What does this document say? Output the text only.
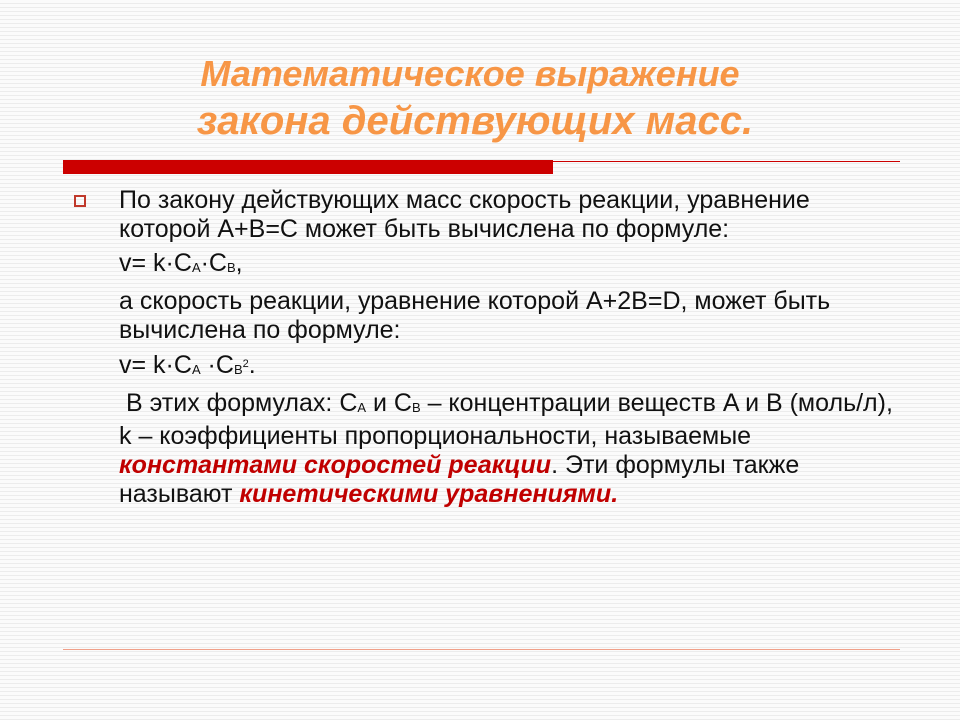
Математическое выражение
закона действующих масс.

По закону действующих масс скорость реакции, уравнение которой A+B=C может быть вычислена по формуле:

$v= k\cdot C_A\cdot C_B$,

а скорость реакции, уравнение которой A+2B=D, может быть вычислена по формуле:

$v= k\cdot C_A \cdot C_B^2$.

В этих формулах: $C_A$ и $C_B$ – концентрации веществ A и B (моль/л), k – коэффициенты пропорциональности, называемые константами скоростей реакции. Эти формулы также называют кинетическими уравнениями.
